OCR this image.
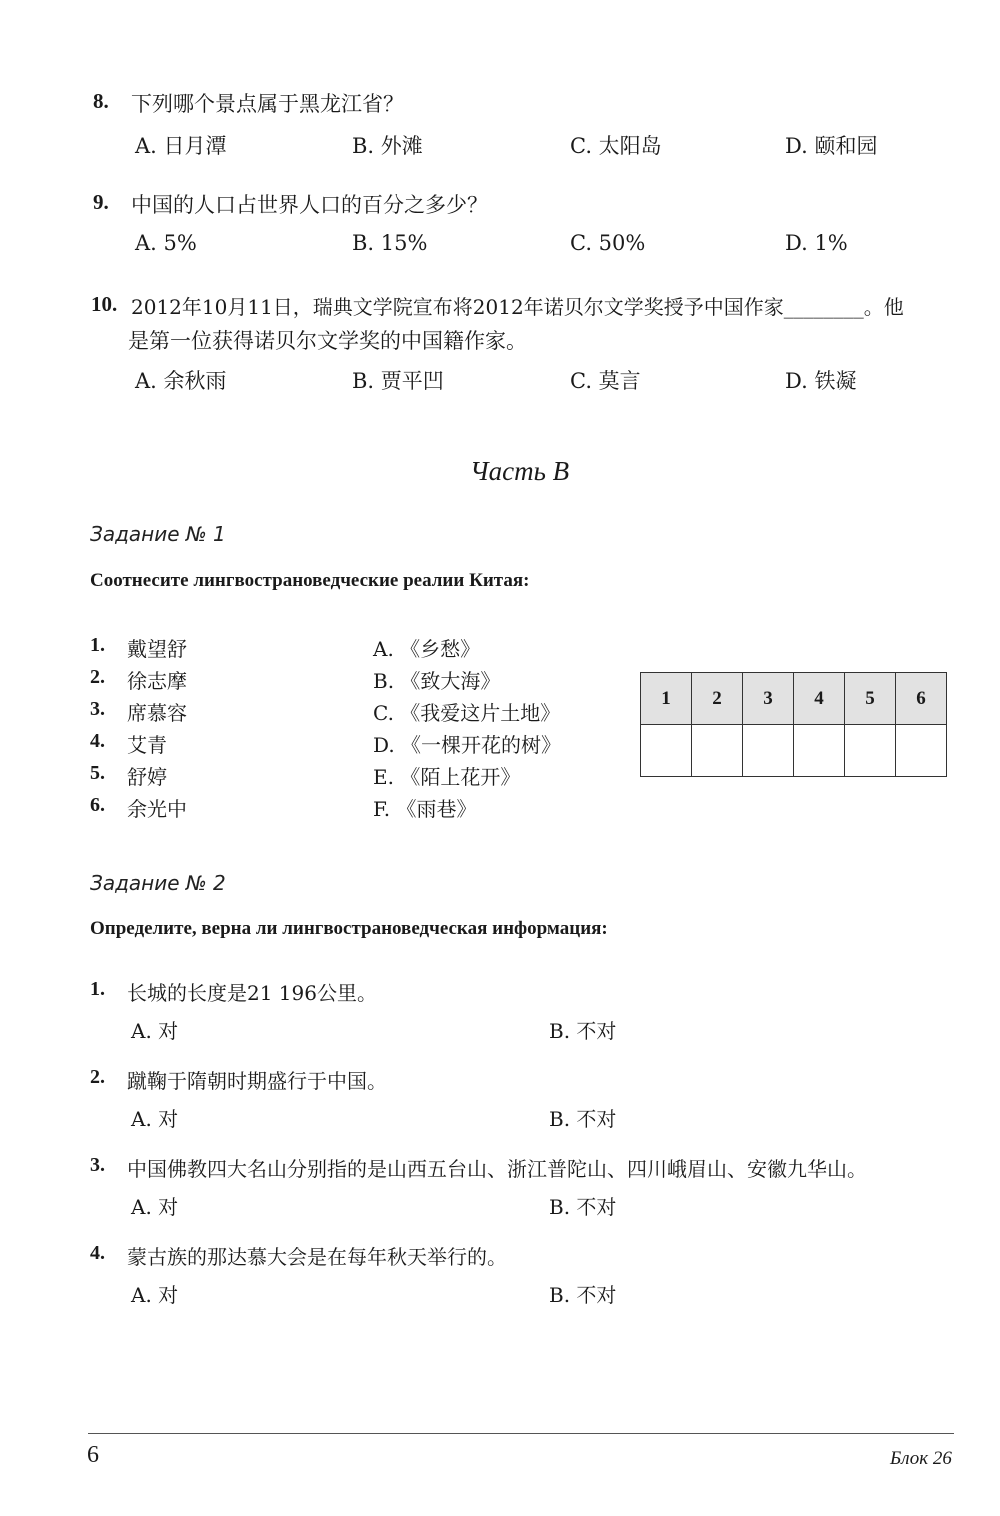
8. 下列哪个景点属于黑龙江省？
A. 日月潭	B. 外滩	C. 太阳岛	D. 颐和园
9. 中国的人口占世界人口的百分之多少？
A. 5%	B. 15%	C. 50%	D. 1%
10. 2012年10月11日，瑞典文学院宣布将2012年诺贝尔文学奖授予中国作家________。他
是第一位获得诺贝尔文学奖的中国籍作家。
A. 余秋雨	B. 贾平凹	C. 莫言	D. 铁凝
Часть В
Задание № 1
Соотнесите лингвострановедческие реалии Китая:
1. 戴望舒
2. 徐志摩
3. 席慕容
4. 艾青
5. 舒婷
6. 余光中
A. 《乡愁》
B. 《致大海》
C. 《我爱这片土地》
D. 《一棵开花的树》
E. 《陌上花开》
F. 《雨巷》
1	2	3	4	5	6

Задание № 2
Определите, верна ли лингвострановедческая информация:
1. 长城的长度是21 196公里。
A. 对	B. 不对
2. 蹴鞠于隋朝时期盛行于中国。
A. 对	B. 不对
3. 中国佛教四大名山分别指的是山西五台山、浙江普陀山、四川峨眉山、安徽九华山。
A. 对	B. 不对
4. 蒙古族的那达慕大会是在每年秋天举行的。
A. 对	B. 不对
6	Блок 26
